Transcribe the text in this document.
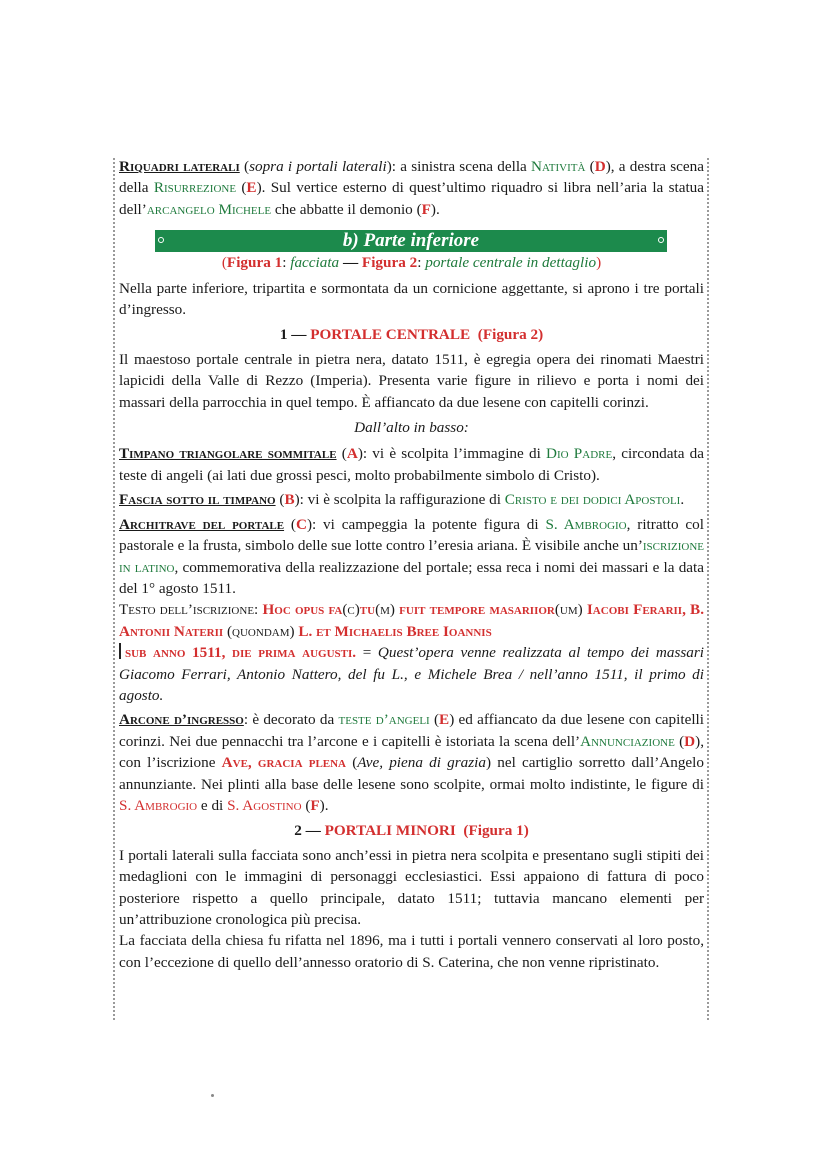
Riquadri laterali (sopra i portali laterali): a sinistra scena della Natività (D), a destra scena della Risurrezione (E). Sul vertice esterno di quest’ultimo riquadro si libra nell’aria la statua dell’arcangelo Michele che abbatte il demonio (F).

b) Parte inferiore

(Figura 1: facciata — Figura 2: portale centrale in dettaglio)

Nella parte inferiore, tripartita e sormontata da un cornicione aggettante, si aprono i tre portali d’ingresso.

1 — PORTALE CENTRALE (Figura 2)

Il maestoso portale centrale in pietra nera, datato 1511, è egregia opera dei rinomati Maestri lapicidi della Valle di Rezzo (Imperia). Presenta varie figure in rilievo e porta i nomi dei massari della parrocchia in quel tempo. È affiancato da due lesene con capitelli corinzi.

Dall’alto in basso:

Timpano triangolare sommitale (A): vi è scolpita l’immagine di Dio Padre, circondata da teste di angeli (ai lati due grossi pesci, molto probabilmente simbolo di Cristo).

Fascia sotto il timpano (B): vi è scolpita la raffigurazione di Cristo e dei dodici Apostoli.

Architrave del portale (C): vi campeggia la potente figura di S. Ambrogio, ritratto col pastorale e la frusta, simbolo delle sue lotte contro l’eresia ariana. È visibile anche un’iscrizione in latino, commemorativa della realizzazione del portale; essa reca i nomi dei massari e la data del 1° agosto 1511.

Testo dell’iscrizione: Hoc opus fa(c)tu(m) fuit tempore masariior(um) Iacobi Ferarii, B. Antonii Naterii (quondam) L. et Michaelis Bree Ioannis
sub anno 1511, die prima augusti. = Quest’opera venne realizzata al tempo dei massari Giacomo Ferrari, Antonio Nattero, del fu L., e Michele Brea / nell’anno 1511, il primo di agosto.

Arcone d’ingresso: è decorato da teste d’angeli (E) ed affiancato da due lesene con capitelli corinzi. Nei due pennacchi tra l’arcone e i capitelli è istoriata la scena dell’Annunciazione (D), con l’iscrizione Ave, gracia plena (Ave, piena di grazia) nel cartiglio sorretto dall’Angelo annunziante. Nei plinti alla base delle lesene sono scolpite, ormai molto indistinte, le figure di S. Ambrogio e di S. Agostino (F).

2 — PORTALI MINORI (Figura 1)

I portali laterali sulla facciata sono anch’essi in pietra nera scolpita e presentano sugli stipiti dei medaglioni con le immagini di personaggi ecclesiastici. Essi appaiono di fattura di poco posteriore rispetto a quello principale, datato 1511; tuttavia mancano elementi per un’attribuzione cronologica più precisa.

La facciata della chiesa fu rifatta nel 1896, ma i tutti i portali vennero conservati al loro posto, con l’eccezione di quello dell’annesso oratorio di S. Caterina, che non venne ripristinato.
